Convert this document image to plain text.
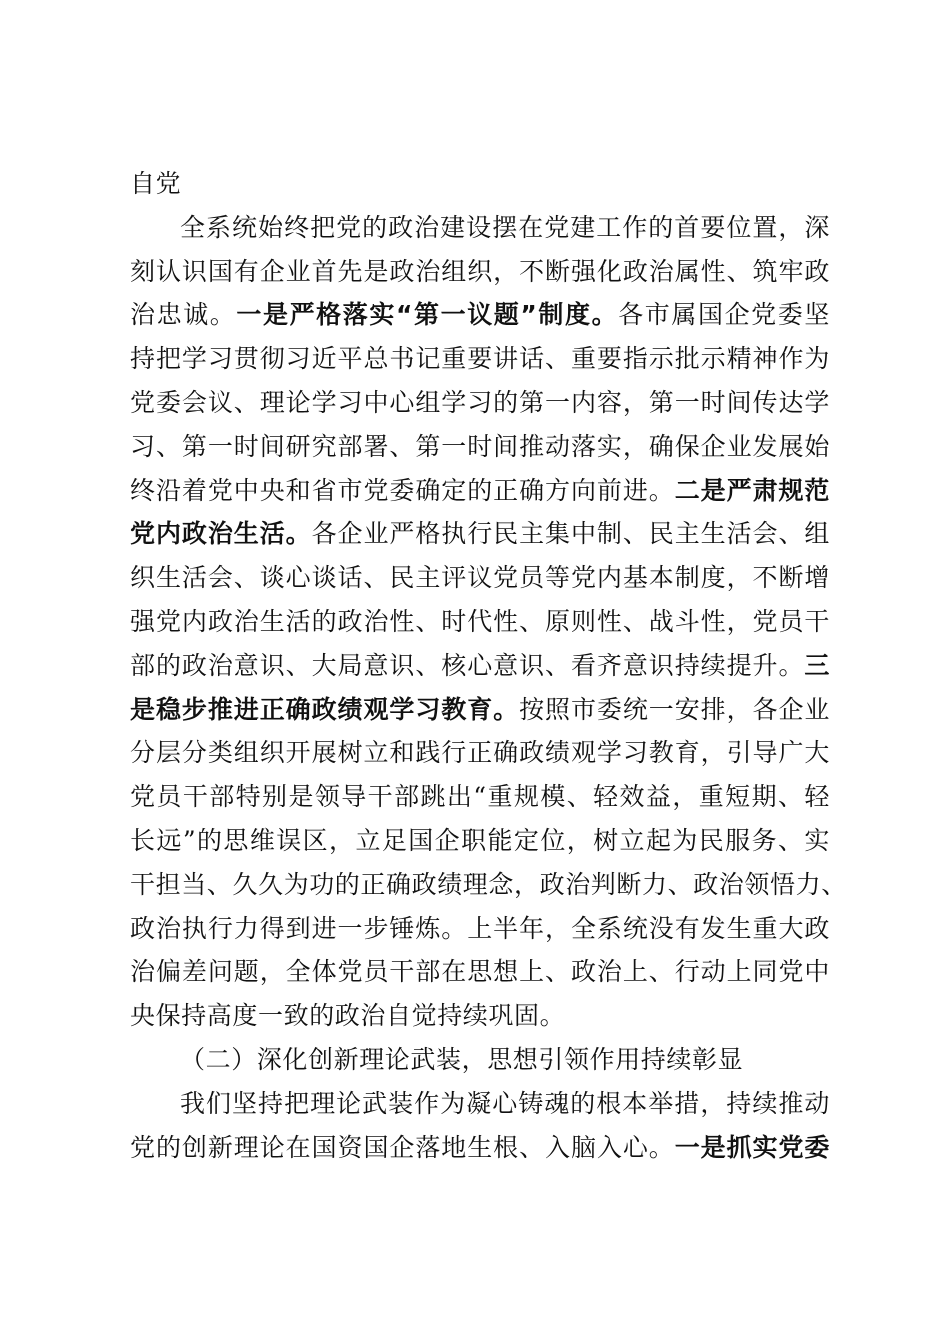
自党
全系统始终把党的政治建设摆在党建工作的首要位置，深
刻认识国有企业首先是政治组织，不断强化政治属性、筑牢政
治忠诚。一是严格落实“第一议题”制度。各市属国企党委坚
持把学习贯彻习近平总书记重要讲话、重要指示批示精神作为
党委会议、理论学习中心组学习的第一内容，第一时间传达学
习、第一时间研究部署、第一时间推动落实，确保企业发展始
终沿着党中央和省市党委确定的正确方向前进。二是严肃规范
党内政治生活。各企业严格执行民主集中制、民主生活会、组
织生活会、谈心谈话、民主评议党员等党内基本制度，不断增
强党内政治生活的政治性、时代性、原则性、战斗性，党员干
部的政治意识、大局意识、核心意识、看齐意识持续提升。三
是稳步推进正确政绩观学习教育。按照市委统一安排，各企业
分层分类组织开展树立和践行正确政绩观学习教育，引导广大
党员干部特别是领导干部跳出“重规模、轻效益，重短期、轻
长远”的思维误区，立足国企职能定位，树立起为民服务、实
干担当、久久为功的正确政绩理念，政治判断力、政治领悟力、
政治执行力得到进一步锤炼。上半年，全系统没有发生重大政
治偏差问题，全体党员干部在思想上、政治上、行动上同党中
央保持高度一致的政治自觉持续巩固。
（二）深化创新理论武装，思想引领作用持续彰显
我们坚持把理论武装作为凝心铸魂的根本举措，持续推动
党的创新理论在国资国企落地生根、入脑入心。一是抓实党委
